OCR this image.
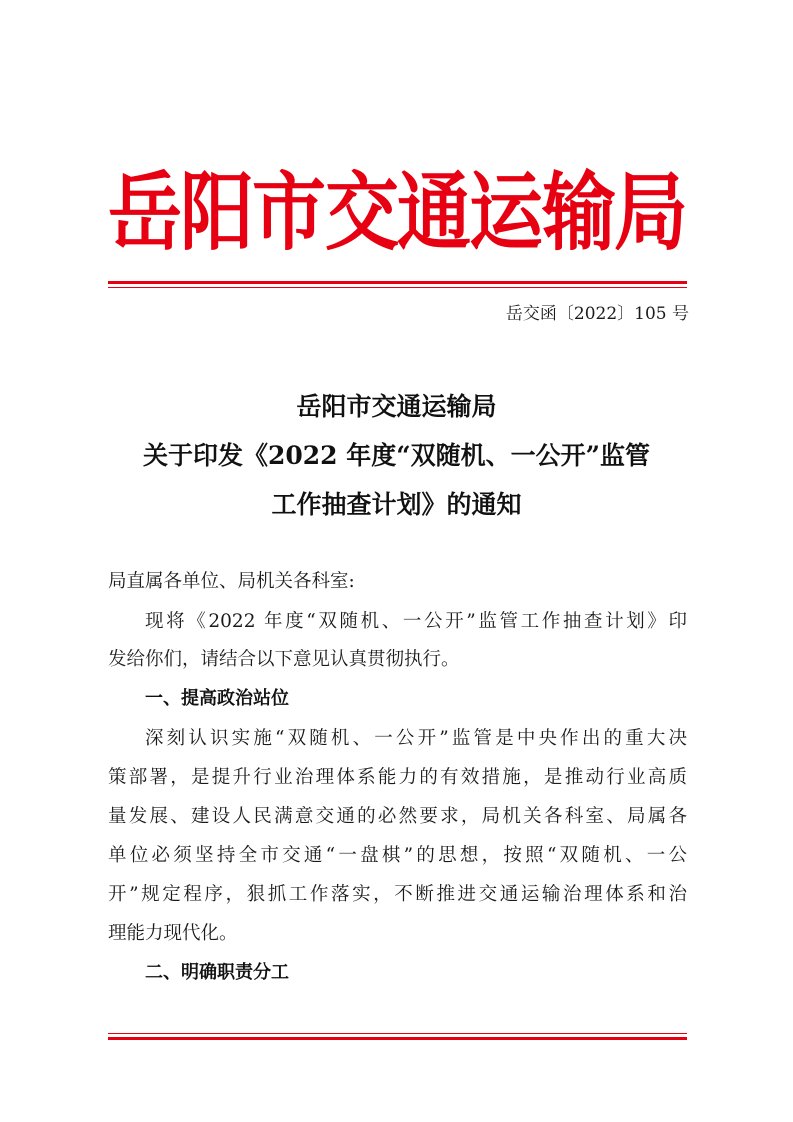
岳
阳
市 交
通
运 输
局
岳交函〔2022〕105 号
岳阳市交通运输局
关于印发《2022 年度“双随机、一公开”监管
工作抽查计划》的通知
局直属各单位、局机关各科室:
现将《2022 年度“双随机、一公开”监管工作抽查计划》印
发给你们，请结合以下意见认真贯彻执行。
一、提高政治站位
深刻认识实施“双随机、一公开”监管是中央作出的重大决
策部署，是提升行业治理体系能力的有效措施，是推动行业高质
量发展、建设人民满意交通的必然要求，局机关各科室、局属各
单位必须坚持全市交通“一盘棋”的思想，按照“双随机、一公
开”规定程序，狠抓工作落实，不断推进交通运输治理体系和治
理能力现代化。
二、明确职责分工
